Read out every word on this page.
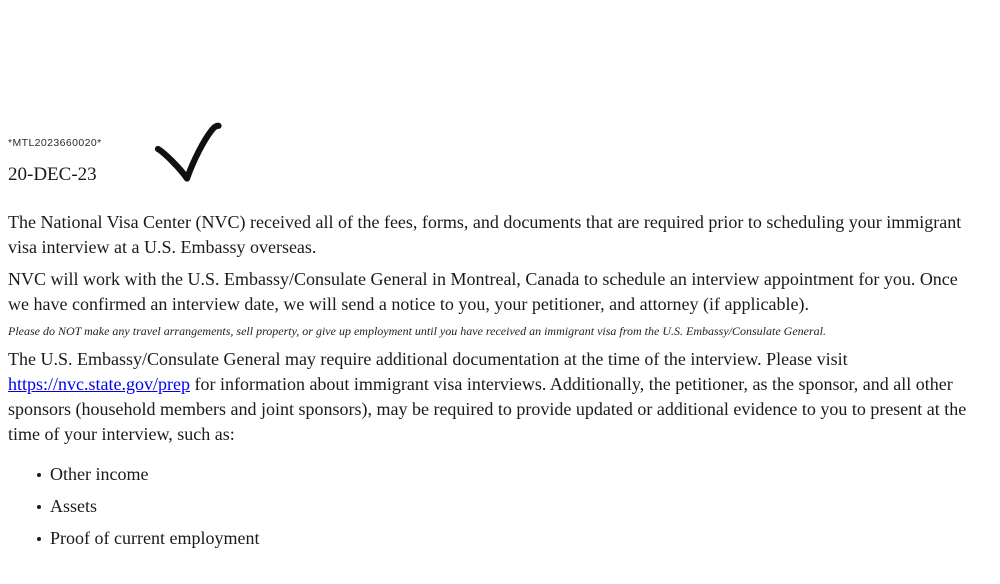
*MTL2023660020*
20-DEC-23

The National Visa Center (NVC) received all of the fees, forms, and documents that are required prior to scheduling your immigrant visa interview at a U.S. Embassy overseas.

NVC will work with the U.S. Embassy/Consulate General in Montreal, Canada to schedule an interview appointment for you. Once we have confirmed an interview date, we will send a notice to you, your petitioner, and attorney (if applicable).

Please do NOT make any travel arrangements, sell property, or give up employment until you have received an immigrant visa from the U.S. Embassy/Consulate General.

The U.S. Embassy/Consulate General may require additional documentation at the time of the interview. Please visit https://nvc.state.gov/prep for information about immigrant visa interviews. Additionally, the petitioner, as the sponsor, and all other sponsors (household members and joint sponsors), may be required to provide updated or additional evidence to you to present at the time of your interview, such as:

Other income
Assets
Proof of current employment
